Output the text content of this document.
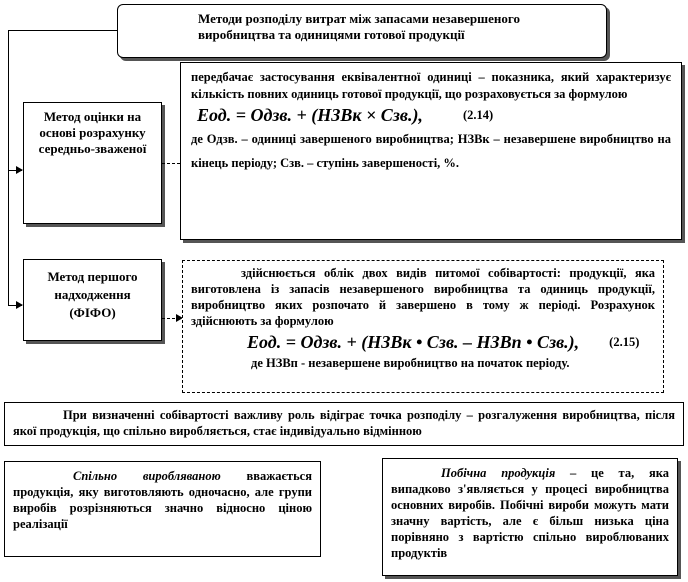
Методи розподілу витрат між запасами незавершеного виробництва та одиницями готової продукції

Метод оцінки на основі розрахунку середньо-зваженої

передбачає застосування еквівалентної одиниці – показника, який характеризує кількість повних одиниць готової продукції, що розраховується за формулою

Eод. = Одзв. + (НЗВк × Сзв.),	(2.14)

де Одзв. – одиниці завершеного виробництва; НЗВк – незавершене виробництво на кінець періоду; Сзв. – ступінь завершеності, %.

Метод першого надходження (ФІФО)

здійснюється облік двох видів питомої собівартості: продукції, яка виготовлена із запасів незавершеного виробництва та одиниць продукції, виробництво яких розпочато й завершено в тому ж періоді. Розрахунок здійснюють за формулою

Eод. = Одзв. + (НЗВк • Сзв. – НЗВп • Сзв.), (2.15)

де НЗВп - незавершене виробництво на початок періоду.

При визначенні собівартості важливу роль відіграє точка розподілу – розгалуження виробництва, після якої продукція, що спільно виробляється, стає індивідуально відмінною

Спільно виробляваною вважається продукція, яку виготовляють одночасно, але групи виробів розрізняються значно відносно ціною реалізації

Побічна продукція – це та, яка випадково з'являється у процесі виробництва основних виробів. Побічні вироби можуть мати значну вартість, але є більш низька ціна порівняно з вартістю спільно вироблюваних продуктів
